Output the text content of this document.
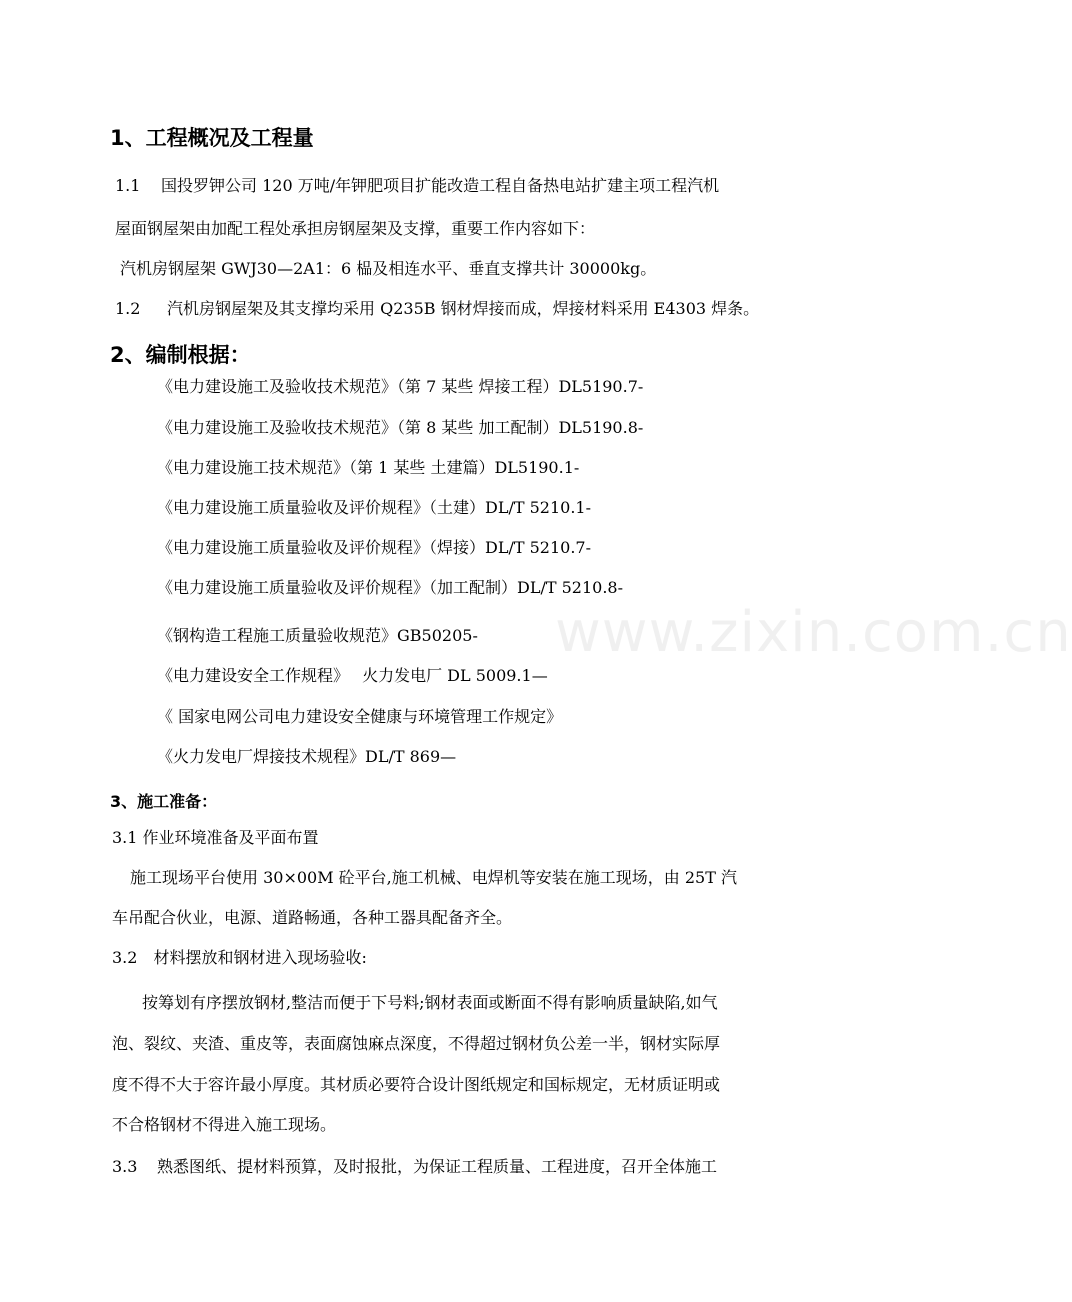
1、工程概况及工程量
1.1 国投罗钾公司 120 万吨/年钾肥项目扩能改造工程自备热电站扩建主项工程汽机
屋面钢屋架由加配工程处承担房钢屋架及支撑，重要工作内容如下：
汽机房钢屋架 GWJ30—2A1：6 榀及相连水平、垂直支撑共计 30000kg。
1.2 汽机房钢屋架及其支撑均采用 Q235B 钢材焊接而成，焊接材料采用 E4303 焊条。
2、编制根据：
《电力建设施工及验收技术规范》（第 7 某些 焊接工程）DL5190.7-
《电力建设施工及验收技术规范》（第 8 某些 加工配制）DL5190.8-
《电力建设施工技术规范》（第 1 某些 土建篇）DL5190.1-
《电力建设施工质量验收及评价规程》（土建）DL/T 5210.1-
《电力建设施工质量验收及评价规程》（焊接）DL/T 5210.7-
《电力建设施工质量验收及评价规程》（加工配制）DL/T 5210.8-
《钢构造工程施工质量验收规范》GB50205-
《电力建设安全工作规程》　 火力发电厂 DL 5009.1—
《 国家电网公司电力建设安全健康与环境管理工作规定》
《火力发电厂焊接技术规程》DL/T 869—
3、施工准备：
3.1 作业环境准备及平面布置
施工现场平台使用 30×00M 砼平台,施工机械、电焊机等安装在施工现场，由 25T 汽
车吊配合伙业，电源、道路畅通，各种工器具配备齐全。
3.2　材料摆放和钢材进入现场验收:
按筹划有序摆放钢材,整洁而便于下号料;钢材表面或断面不得有影响质量缺陷,如气
泡、裂纹、夹渣、重皮等，表面腐蚀麻点深度，不得超过钢材负公差一半，钢材实际厚
度不得不大于容许最小厚度。其材质必要符合设计图纸规定和国标规定，无材质证明或
不合格钢材不得进入施工现场。
3.3 熟悉图纸、提材料预算，及时报批，为保证工程质量、工程进度，召开全体施工
www.zixin.com.cn
